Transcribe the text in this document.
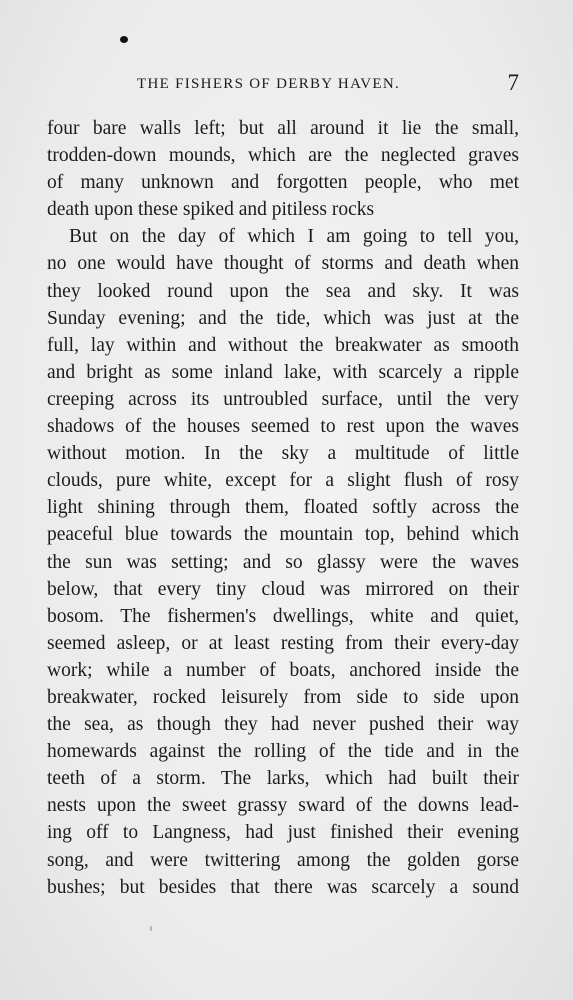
THE FISHERS OF DERBY HAVEN.	7
four bare walls left; but all around it lie the small,
trodden-down mounds, which are the neglected graves
of many unknown and forgotten people, who met
death upon these spiked and pitiless rocks
But on the day of which I am going to tell you,
no one would have thought of storms and death when
they looked round upon the sea and sky. It was
Sunday evening; and the tide, which was just at the
full, lay within and without the breakwater as smooth
and bright as some inland lake, with scarcely a ripple
creeping across its untroubled surface, until the very
shadows of the houses seemed to rest upon the waves
without motion. In the sky a multitude of little
clouds, pure white, except for a slight flush of rosy
light shining through them, floated softly across the
peaceful blue towards the mountain top, behind which
the sun was setting; and so glassy were the waves
below, that every tiny cloud was mirrored on their
bosom. The fishermen's dwellings, white and quiet,
seemed asleep, or at least resting from their every-day
work; while a number of boats, anchored inside the
breakwater, rocked leisurely from side to side upon
the sea, as though they had never pushed their way
homewards against the rolling of the tide and in the
teeth of a storm. The larks, which had built their
nests upon the sweet grassy sward of the downs lead-
ing off to Langness, had just finished their evening
song, and were twittering among the golden gorse
bushes; but besides that there was scarcely a sound
